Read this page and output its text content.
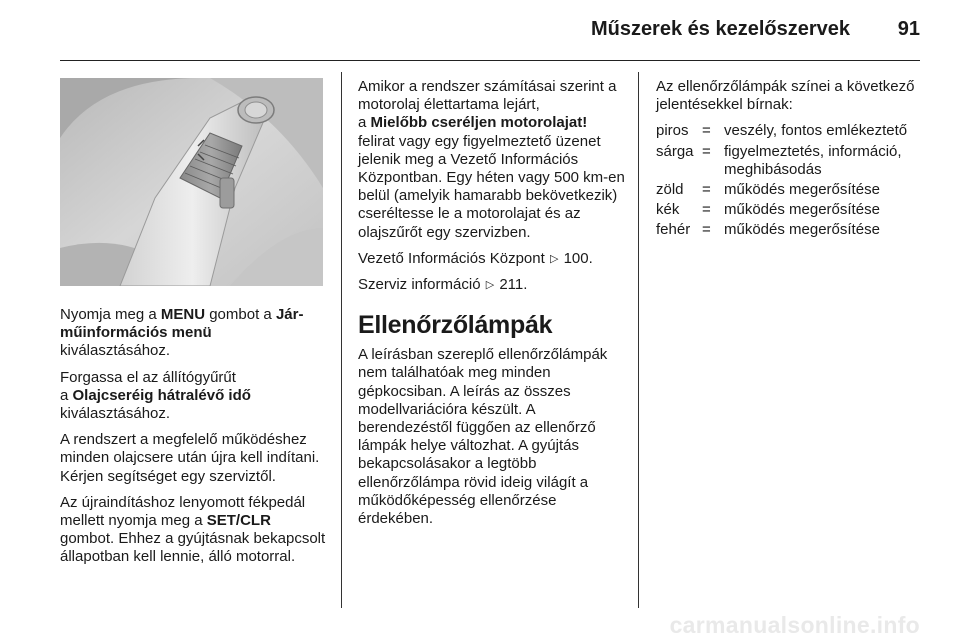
Műszerek és kezelőszervek	91

Nyomja meg a MENU gombot a Járműinformációs menü
kiválasztásához.

Forgassa el az állítógyűrűt
a Olajcseréig hátralévő idő
kiválasztásához.

A rendszert a megfelelő működéshez minden olajcsere után újra kell indítani. Kérjen segítséget egy szerviztől.

Az újraindításhoz lenyomott fékpedál mellett nyomja meg a SET/CLR
gombot. Ehhez a gyújtásnak bekapcsolt állapotban kell lennie, álló motorral.

Amikor a rendszer számításai szerint a motorolaj élettartama lejárt,
a Mielőbb cseréljen motorolajat!
felirat vagy egy figyelmeztető üzenet jelenik meg a Vezető Információs Központban. Egy héten vagy 500 km-en belül (amelyik hamarabb bekövetkezik) cseréltesse le a motorolajat és az olajszűrőt egy szervizben.

Vezető Információs Központ ▷ 100.

Szerviz információ ▷ 211.

Ellenőrzőlámpák

A leírásban szereplő ellenőrzőlámpák nem találhatóak meg minden gépkocsiban. A leírás az összes modellvariációra készült. A berendezéstől függően az ellenőrző lámpák helye változhat. A gyújtás bekapcsolásakor a legtöbb ellenőrzőlámpa rövid ideig világít a működőképesség ellenőrzése érdekében.

Az ellenőrzőlámpák színei a következő jelentésekkel bírnak:

piros = veszély, fontos emlékeztető
sárga = figyelmeztetés, információ, meghibásodás
zöld	= működés megerősítése
kék	= működés megerősítése
fehér = működés megerősítése
carmanualsonline.info
